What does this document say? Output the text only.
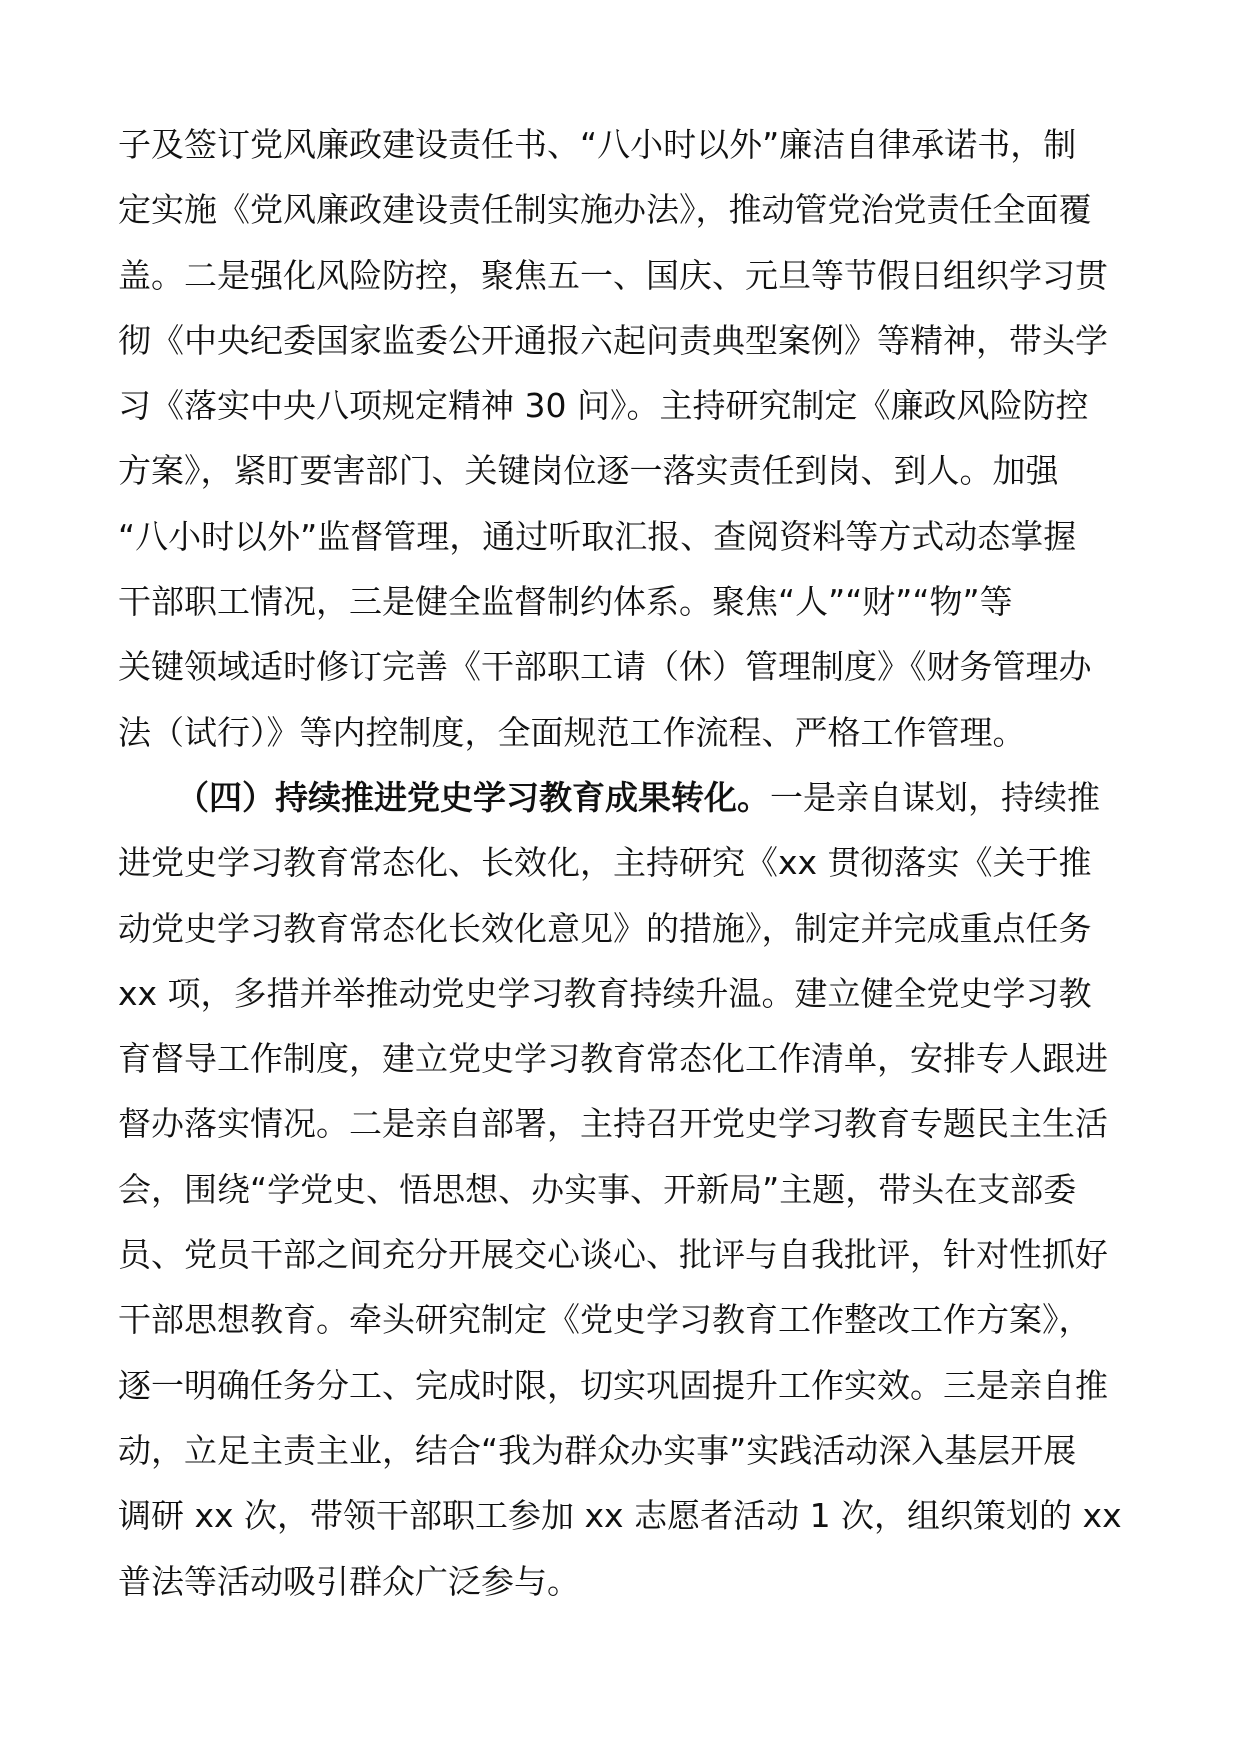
子及签订党风廉政建设责任书、“八小时以外”廉洁自律承诺书，制
定实施《党风廉政建设责任制实施办法》，推动管党治党责任全面覆
盖。二是强化风险防控，聚焦五一、国庆、元旦等节假日组织学习贯
彻《中央纪委国家监委公开通报六起问责典型案例》等精神，带头学
习《落实中央八项规定精神 30 问》。主持研究制定《廉政风险防控
方案》，紧盯要害部门、关键岗位逐一落实责任到岗、到人。加强
“八小时以外”监督管理，通过听取汇报、查阅资料等方式动态掌握
干部职工情况，三是健全监督制约体系。聚焦“人”“财”“物”等
关键领域适时修订完善《干部职工请（休）管理制度》《财务管理办
法（试行）》等内控制度，全面规范工作流程、严格工作管理。
（四）持续推进党史学习教育成果转化。一是亲自谋划，持续推
进党史学习教育常态化、长效化，主持研究《xx 贯彻落实《关于推
动党史学习教育常态化长效化意见》的措施》，制定并完成重点任务
xx 项，多措并举推动党史学习教育持续升温。建立健全党史学习教
育督导工作制度，建立党史学习教育常态化工作清单，安排专人跟进
督办落实情况。二是亲自部署，主持召开党史学习教育专题民主生活
会，围绕“学党史、悟思想、办实事、开新局”主题，带头在支部委
员、党员干部之间充分开展交心谈心、批评与自我批评，针对性抓好
干部思想教育。牵头研究制定《党史学习教育工作整改工作方案》，
逐一明确任务分工、完成时限，切实巩固提升工作实效。三是亲自推
动，立足主责主业，结合“我为群众办实事”实践活动深入基层开展
调研 xx 次，带领干部职工参加 xx 志愿者活动 1 次，组织策划的 xx
普法等活动吸引群众广泛参与。
